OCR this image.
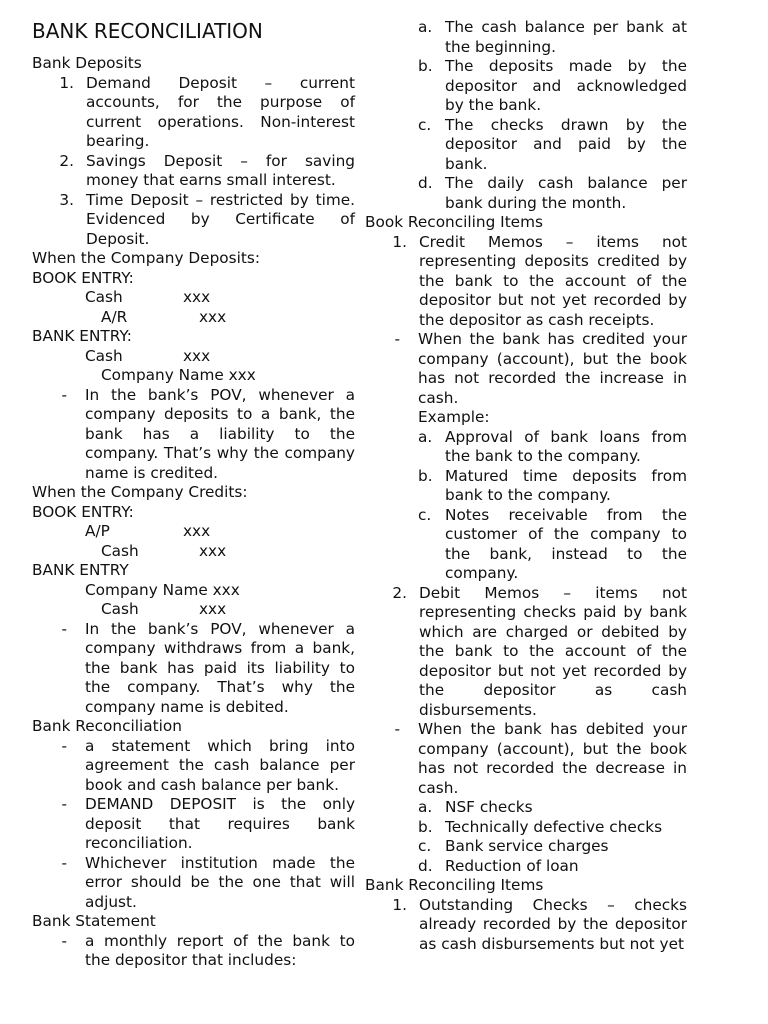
BANK RECONCILIATION
Bank Deposits
1. Demand Deposit – current accounts, for the purpose of current operations. Non-interest bearing.
2. Savings Deposit – for saving money that earns small interest.
3. Time Deposit – restricted by time. Evidenced by Certificate of Deposit.
When the Company Deposits:
BOOK ENTRY:
Cash	xxx
A/R	xxx
BANK ENTRY:
Cash	xxx
Company Name xxx
-	In the bank’s POV, whenever a company deposits to a bank, the bank has a liability to the company. That’s why the company name is credited.
When the Company Credits:
BOOK ENTRY:
A/P	xxx
Cash	xxx
BANK ENTRY
Company Name xxx
Cash	xxx
-	In the bank’s POV, whenever a company withdraws from a bank, the bank has paid its liability to the company. That’s why the company name is debited.
Bank Reconciliation
-	a statement which bring into agreement the cash balance per book and cash balance per bank.
-	DEMAND DEPOSIT is the only deposit that requires bank reconciliation.
-	Whichever institution made the error should be the one that will adjust.
Bank Statement
-	a monthly report of the bank to the depositor that includes:
a. The cash balance per bank at the beginning.
b. The deposits made by the depositor and acknowledged by the bank.
c. The checks drawn by the depositor and paid by the bank.
d. The daily cash balance per bank during the month.
Book Reconciling Items
1. Credit Memos – items not representing deposits credited by the bank to the account of the depositor but not yet recorded by the depositor as cash receipts.
-	When the bank has credited your company (account), but the book has not recorded the increase in cash.
Example:
a. Approval of bank loans from the bank to the company.
b. Matured time deposits from bank to the company.
c. Notes receivable from the customer of the company to the bank, instead to the company.
2. Debit Memos – items not representing checks paid by bank which are charged or debited by the bank to the account of the depositor but not yet recorded by the depositor as cash disbursements.
-	When the bank has debited your company (account), but the book has not recorded the decrease in cash.
a. NSF checks
b. Technically defective checks
c. Bank service charges
d. Reduction of loan
Bank Reconciling Items
1. Outstanding Checks – checks already recorded by the depositor as cash disbursements but not yet
